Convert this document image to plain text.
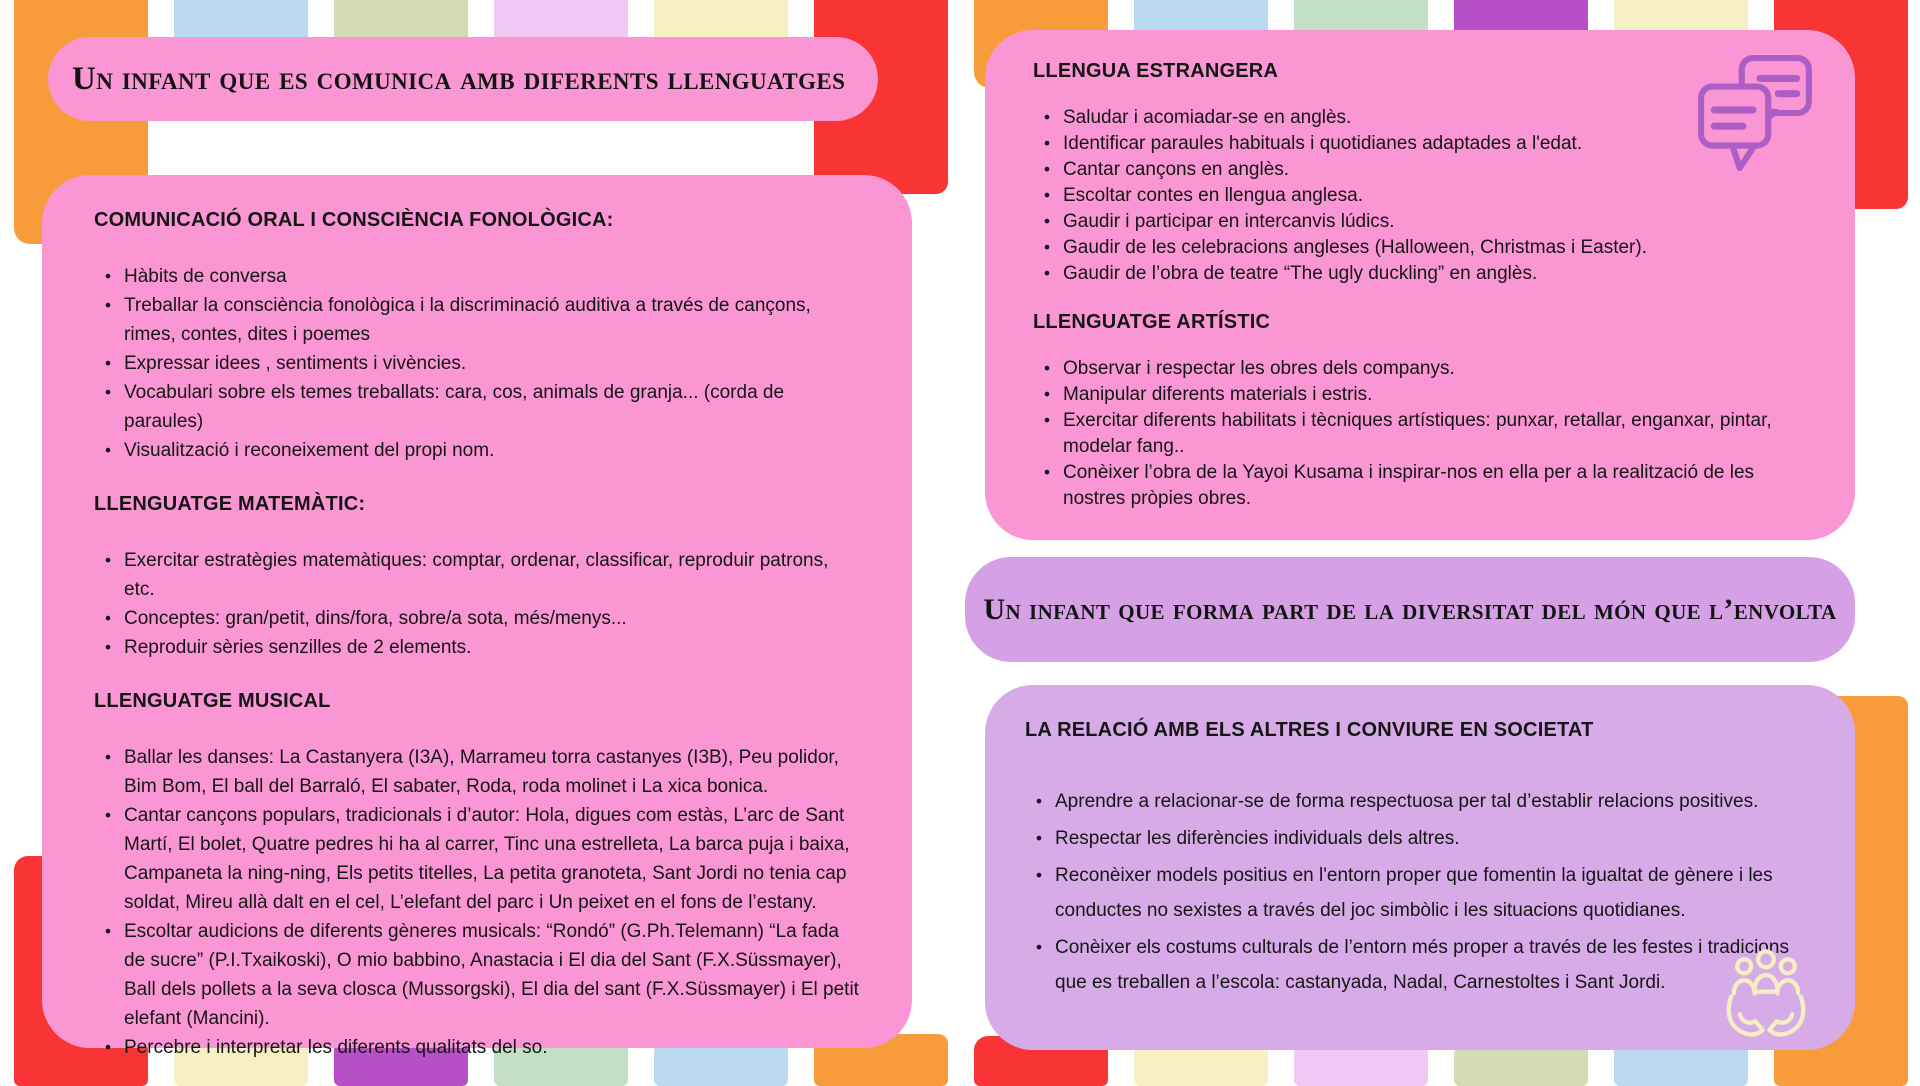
Un infant que es comunica amb diferents llenguatges
COMUNICACIÓ ORAL I CONSCIÈNCIA FONOLÒGICA:
• Hàbits de conversa
• Treballar la consciència fonològica i la discriminació auditiva a través de cançons, rimes, contes, dites i poemes
• Expressar idees , sentiments i vivències.
• Vocabulari sobre els temes treballats: cara, cos, animals de granja... (corda de paraules)
• Visualització i reconeixement del propi nom.
LLENGUATGE MATEMÀTIC:
• Exercitar estratègies matemàtiques: comptar, ordenar, classificar, reproduir patrons, etc.
• Conceptes: gran/petit, dins/fora, sobre/a sota, més/menys...
• Reproduir sèries senzilles de 2 elements.
LLENGUATGE MUSICAL
• Ballar les danses: La Castanyera (I3A), Marrameu torra castanyes (I3B), Peu polidor, Bim Bom, El ball del Barraló, El sabater, Roda, roda molinet i La xica bonica.
• Cantar cançons populars, tradicionals i d’autor: Hola, digues com estàs, L’arc de Sant Martí, El bolet, Quatre pedres hi ha al carrer, Tinc una estrelleta, La barca puja i baixa, Campaneta la ning-ning, Els petits titelles, La petita granoteta, Sant Jordi no tenia cap soldat, Mireu allà dalt en el cel, L’elefant del parc i Un peixet en el fons de l’estany.
• Escoltar audicions de diferents gèneres musicals: “Rondó” (G.Ph.Telemann) “La fada de sucre” (P.I.Txaikoski), O mio babbino, Anastacia i El dia del Sant (F.X.Süssmayer), Ball dels pollets a la seva closca (Mussorgski), El dia del sant (F.X.Süssmayer) i El petit elefant (Mancini).
• Percebre i interpretar les diferents qualitats del so.
LLENGUA ESTRANGERA
• Saludar i acomiadar-se en anglès.
• Identificar paraules habituals i quotidianes adaptades a l'edat.
• Cantar cançons en anglès.
• Escoltar contes en llengua anglesa.
• Gaudir i participar en intercanvis lúdics.
• Gaudir de les celebracions angleses (Halloween, Christmas i Easter).
• Gaudir de l’obra de teatre “The ugly duckling” en anglès.
LLENGUATGE ARTÍSTIC
• Observar i respectar les obres dels companys.
• Manipular diferents materials i estris.
• Exercitar diferents habilitats i tècniques artístiques: punxar, retallar, enganxar, pintar, modelar fang..
• Conèixer l’obra de la Yayoi Kusama i inspirar-nos en ella per a la realització de les nostres pròpies obres.
Un infant que forma part de la diversitat del món que l’envolta
LA RELACIÓ AMB ELS ALTRES I CONVIURE EN SOCIETAT
• Aprendre a relacionar-se de forma respectuosa per tal d’establir relacions positives.
• Respectar les diferències individuals dels altres.
• Reconèixer models positius en l'entorn proper que fomentin la igualtat de gènere i les conductes no sexistes a través del joc simbòlic i les situacions quotidianes.
• Conèixer els costums culturals de l’entorn més proper a través de les festes i tradicions que es treballen a l’escola: castanyada, Nadal, Carnestoltes i Sant Jordi.
